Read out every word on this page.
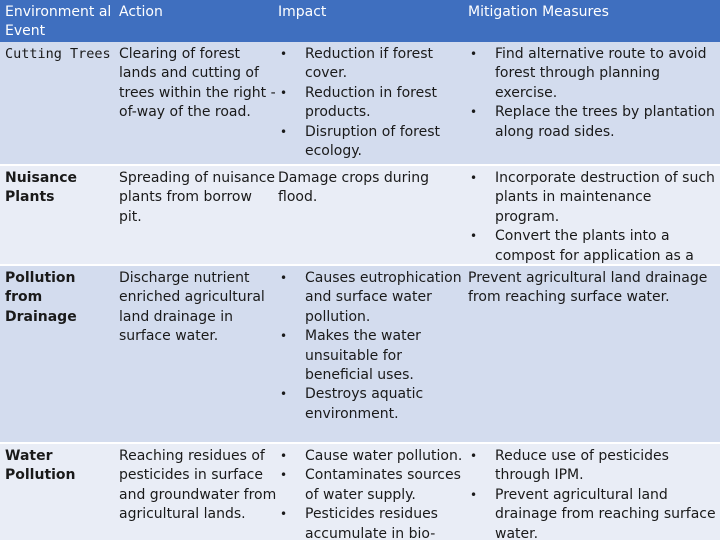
Environment al Event
Action	Impact	Mitigation Measures
Cutting Trees Clearing of forest lands and cutting of trees within the right -of-way of the road.
• Reduction if forest cover.
• Reduction in forest products.
• Disruption of forest ecology.
• Find alternative route to avoid forest through planning exercise.
• Replace the trees by plantation along road sides.
Nuisance Plants
Spreading of nuisance plants from borrow pit.
Damage crops during flood.
• Incorporate destruction of such plants in maintenance program.
• Convert the plants into a compost for application as a
Pollution from Drainage
Discharge nutrient enriched agricultural land drainage in surface water.
• Causes eutrophication and surface water pollution.
• Makes the water unsuitable for beneficial uses.
• Destroys aquatic environment.
Prevent agricultural land drainage from reaching surface water.
Water Pollution
Reaching residues of pesticides in surface and groundwater from agricultural lands.
• Cause water pollution.
• Contaminates sources of water supply.
• Pesticides residues accumulate in bio-
• Reduce use of pesticides through IPM.
• Prevent agricultural land drainage from reaching surface water.
